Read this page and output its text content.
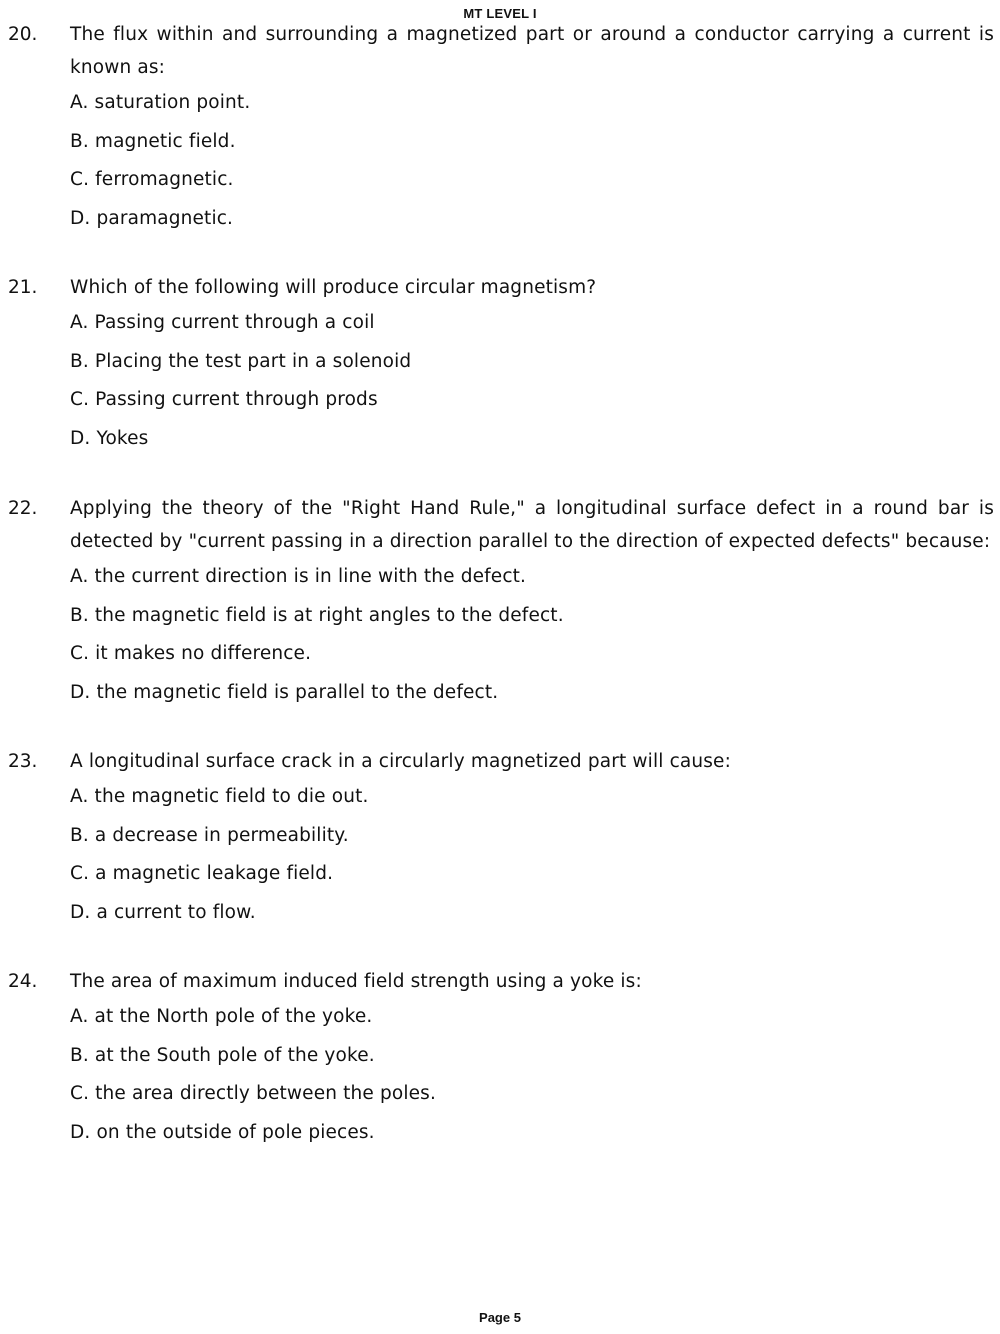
MT LEVEL I
20. The flux within and surrounding a magnetized part or around a conductor carrying a current is known as:
A. saturation point.
B. magnetic field.
C. ferromagnetic.
D. paramagnetic.
21. Which of the following will produce circular magnetism?
A. Passing current through a coil
B. Placing the test part in a solenoid
C. Passing current through prods
D. Yokes
22. Applying the theory of the "Right Hand Rule," a longitudinal surface defect in a round bar is detected by "current passing in a direction parallel to the direction of expected defects" because:
A. the current direction is in line with the defect.
B. the magnetic field is at right angles to the defect.
C. it makes no difference.
D. the magnetic field is parallel to the defect.
23. A longitudinal surface crack in a circularly magnetized part will cause:
A. the magnetic field to die out.
B. a decrease in permeability.
C. a magnetic leakage field.
D. a current to flow.
24. The area of maximum induced field strength using a yoke is:
A. at the North pole of the yoke.
B. at the South pole of the yoke.
C. the area directly between the poles.
D. on the outside of pole pieces.
Page 5
